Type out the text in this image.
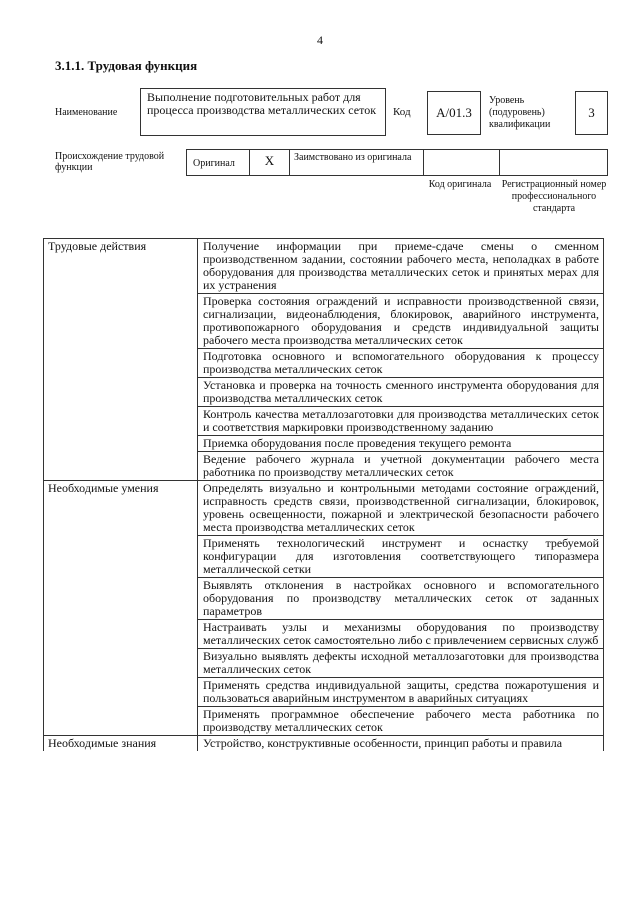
4
3.1.1. Трудовая функция
Наименование
Выполнение подготовительных работ для процесса производства металлических сеток	Код	A/01.3
Уровень (подуровень) квалификации
3
Происхождение трудовой функции	Оригинал	X	Заимствовано из оригинала
Код оригинала	Регистрационный номер профессионального стандарта
Трудовые действия	Получение информации при приеме-сдаче смены о сменном производственном задании, состоянии рабочего места, неполадках в работе оборудования для производства металлических сеток и принятых мерах для их устранения
	Проверка состояния ограждений и исправности производственной связи, сигнализации, видеонаблюдения, блокировок, аварийного инструмента, противопожарного оборудования и средств индивидуальной защиты рабочего места производства металлических сеток
	Подготовка основного и вспомогательного оборудования к процессу производства металлических сеток
	Установка и проверка на точность сменного инструмента оборудования для производства металлических сеток
	Контроль качества металлозаготовки для производства металлических сеток и соответствия маркировки производственному заданию
	Приемка оборудования после проведения текущего ремонта
	Ведение рабочего журнала и учетной документации рабочего места работника по производству металлических сеток
Необходимые умения	Определять визуально и контрольными методами состояние ограждений, исправность средств связи, производственной сигнализации, блокировок, уровень освещенности, пожарной и электрической безопасности рабочего места производства металлических сеток
	Применять технологический инструмент и оснастку требуемой конфигурации для изготовления соответствующего типоразмера металлической сетки
	Выявлять отклонения в настройках основного и вспомогательного оборудования по производству металлических сеток от заданных параметров
	Настраивать узлы и механизмы оборудования по производству металлических сеток самостоятельно либо с привлечением сервисных служб
	Визуально выявлять дефекты исходной металлозаготовки для производства металлических сеток
	Применять средства индивидуальной защиты, средства пожаротушения и пользоваться аварийным инструментом в аварийных ситуациях
	Применять программное обеспечение рабочего места работника по производству металлических сеток
Необходимые знания	Устройство, конструктивные особенности, принцип работы и правила
